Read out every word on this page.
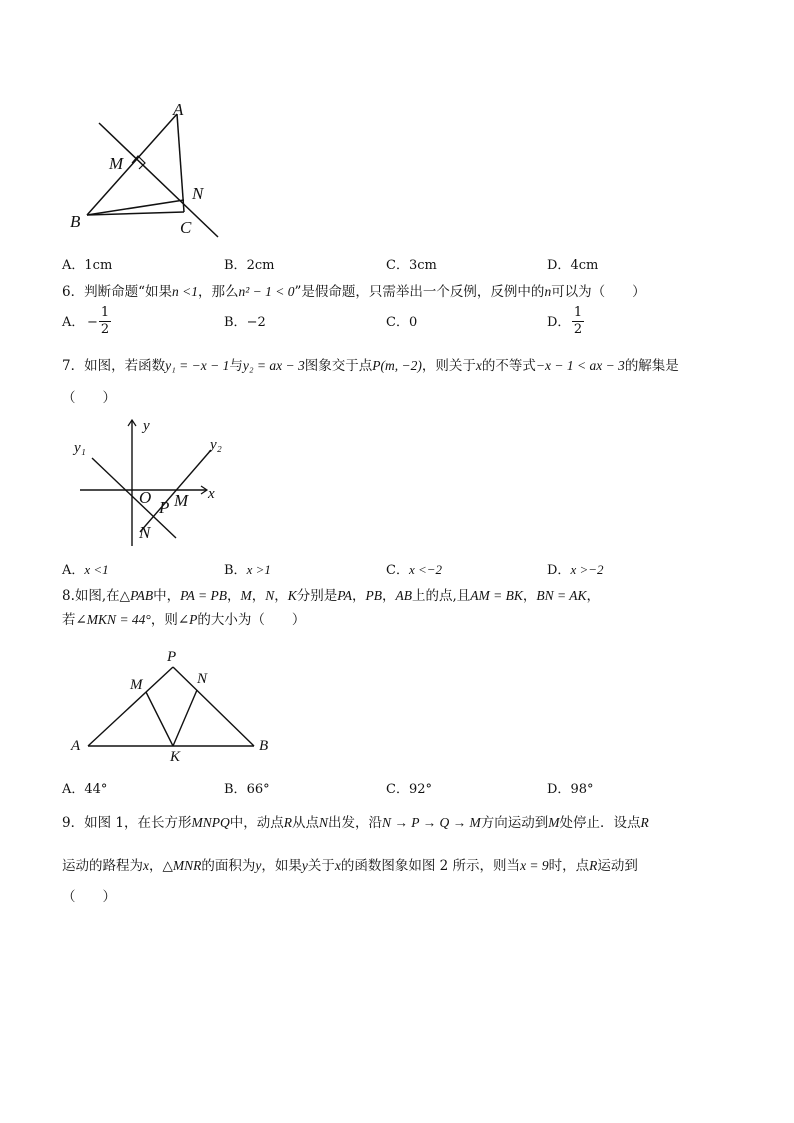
A
M
N
B	C
A．1cm	B．2cm	C．3cm	D．4cm
6．判断命题“如果n <1，那么n² − 1 < 0”是假命题，只需举出一个反例，反例中的n可以为（　　）
A． −
1
2	B．−2	C．0	D．
1
2
7．如图，若函数y₁ = −x − 1与y₂ = ax − 3图象交于点P(m, −2)，则关于x的不等式−x − 1 < ax − 3的解集是
（　　）
y
y₁	y₂
x
O M
P
N
A．x <1	B．x >1	C．x <−2	D．x >−2
8.如图,在△PAB中，PA = PB，M，N，K分别是PA，PB，AB上的点,且AM = BK，BN = AK，
若∠MKN = 44°，则∠P的大小为（　　）
P
M	N
A
K
B
A．44°	B．66°	C．92°	D．98°
9．如图 1，在长方形MNPQ中，动点R从点N出发，沿N → P → Q → M方向运动到M处停止．设点R
运动的路程为x，△MNR的面积为y，如果y关于x的函数图象如图 2 所示，则当x = 9时，点R运动到
（　　）
